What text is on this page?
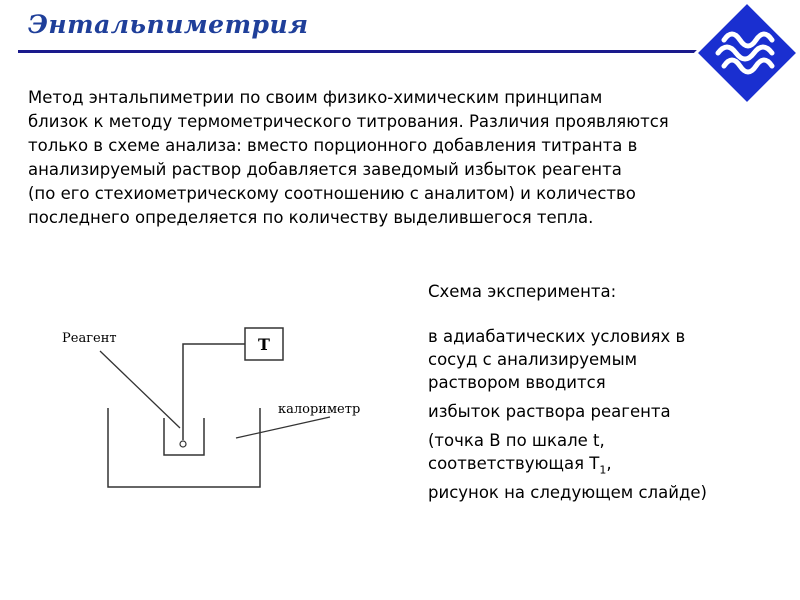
Энтальпиметрия
Метод энтальпиметрии по своим физико-химическим принципам
близок к методу термометрического титрования. Различия проявляются
только в схеме анализа: вместо порционного добавления титранта в
анализируемый раствор добавляется заведомый избыток реагента
(по его стехиометрическому соотношению с аналитом) и количество
последнего определяется по количеству выделившегося тепла.
Реагент	Т
калориметр
Схема эксперимента:
в адиабатических условиях в
сосуд с анализируемым
раствором вводится
избыток раствора реагента
(точка В по шкале t,
соответствующая $Т_1$,
рисунок на следующем слайде)
